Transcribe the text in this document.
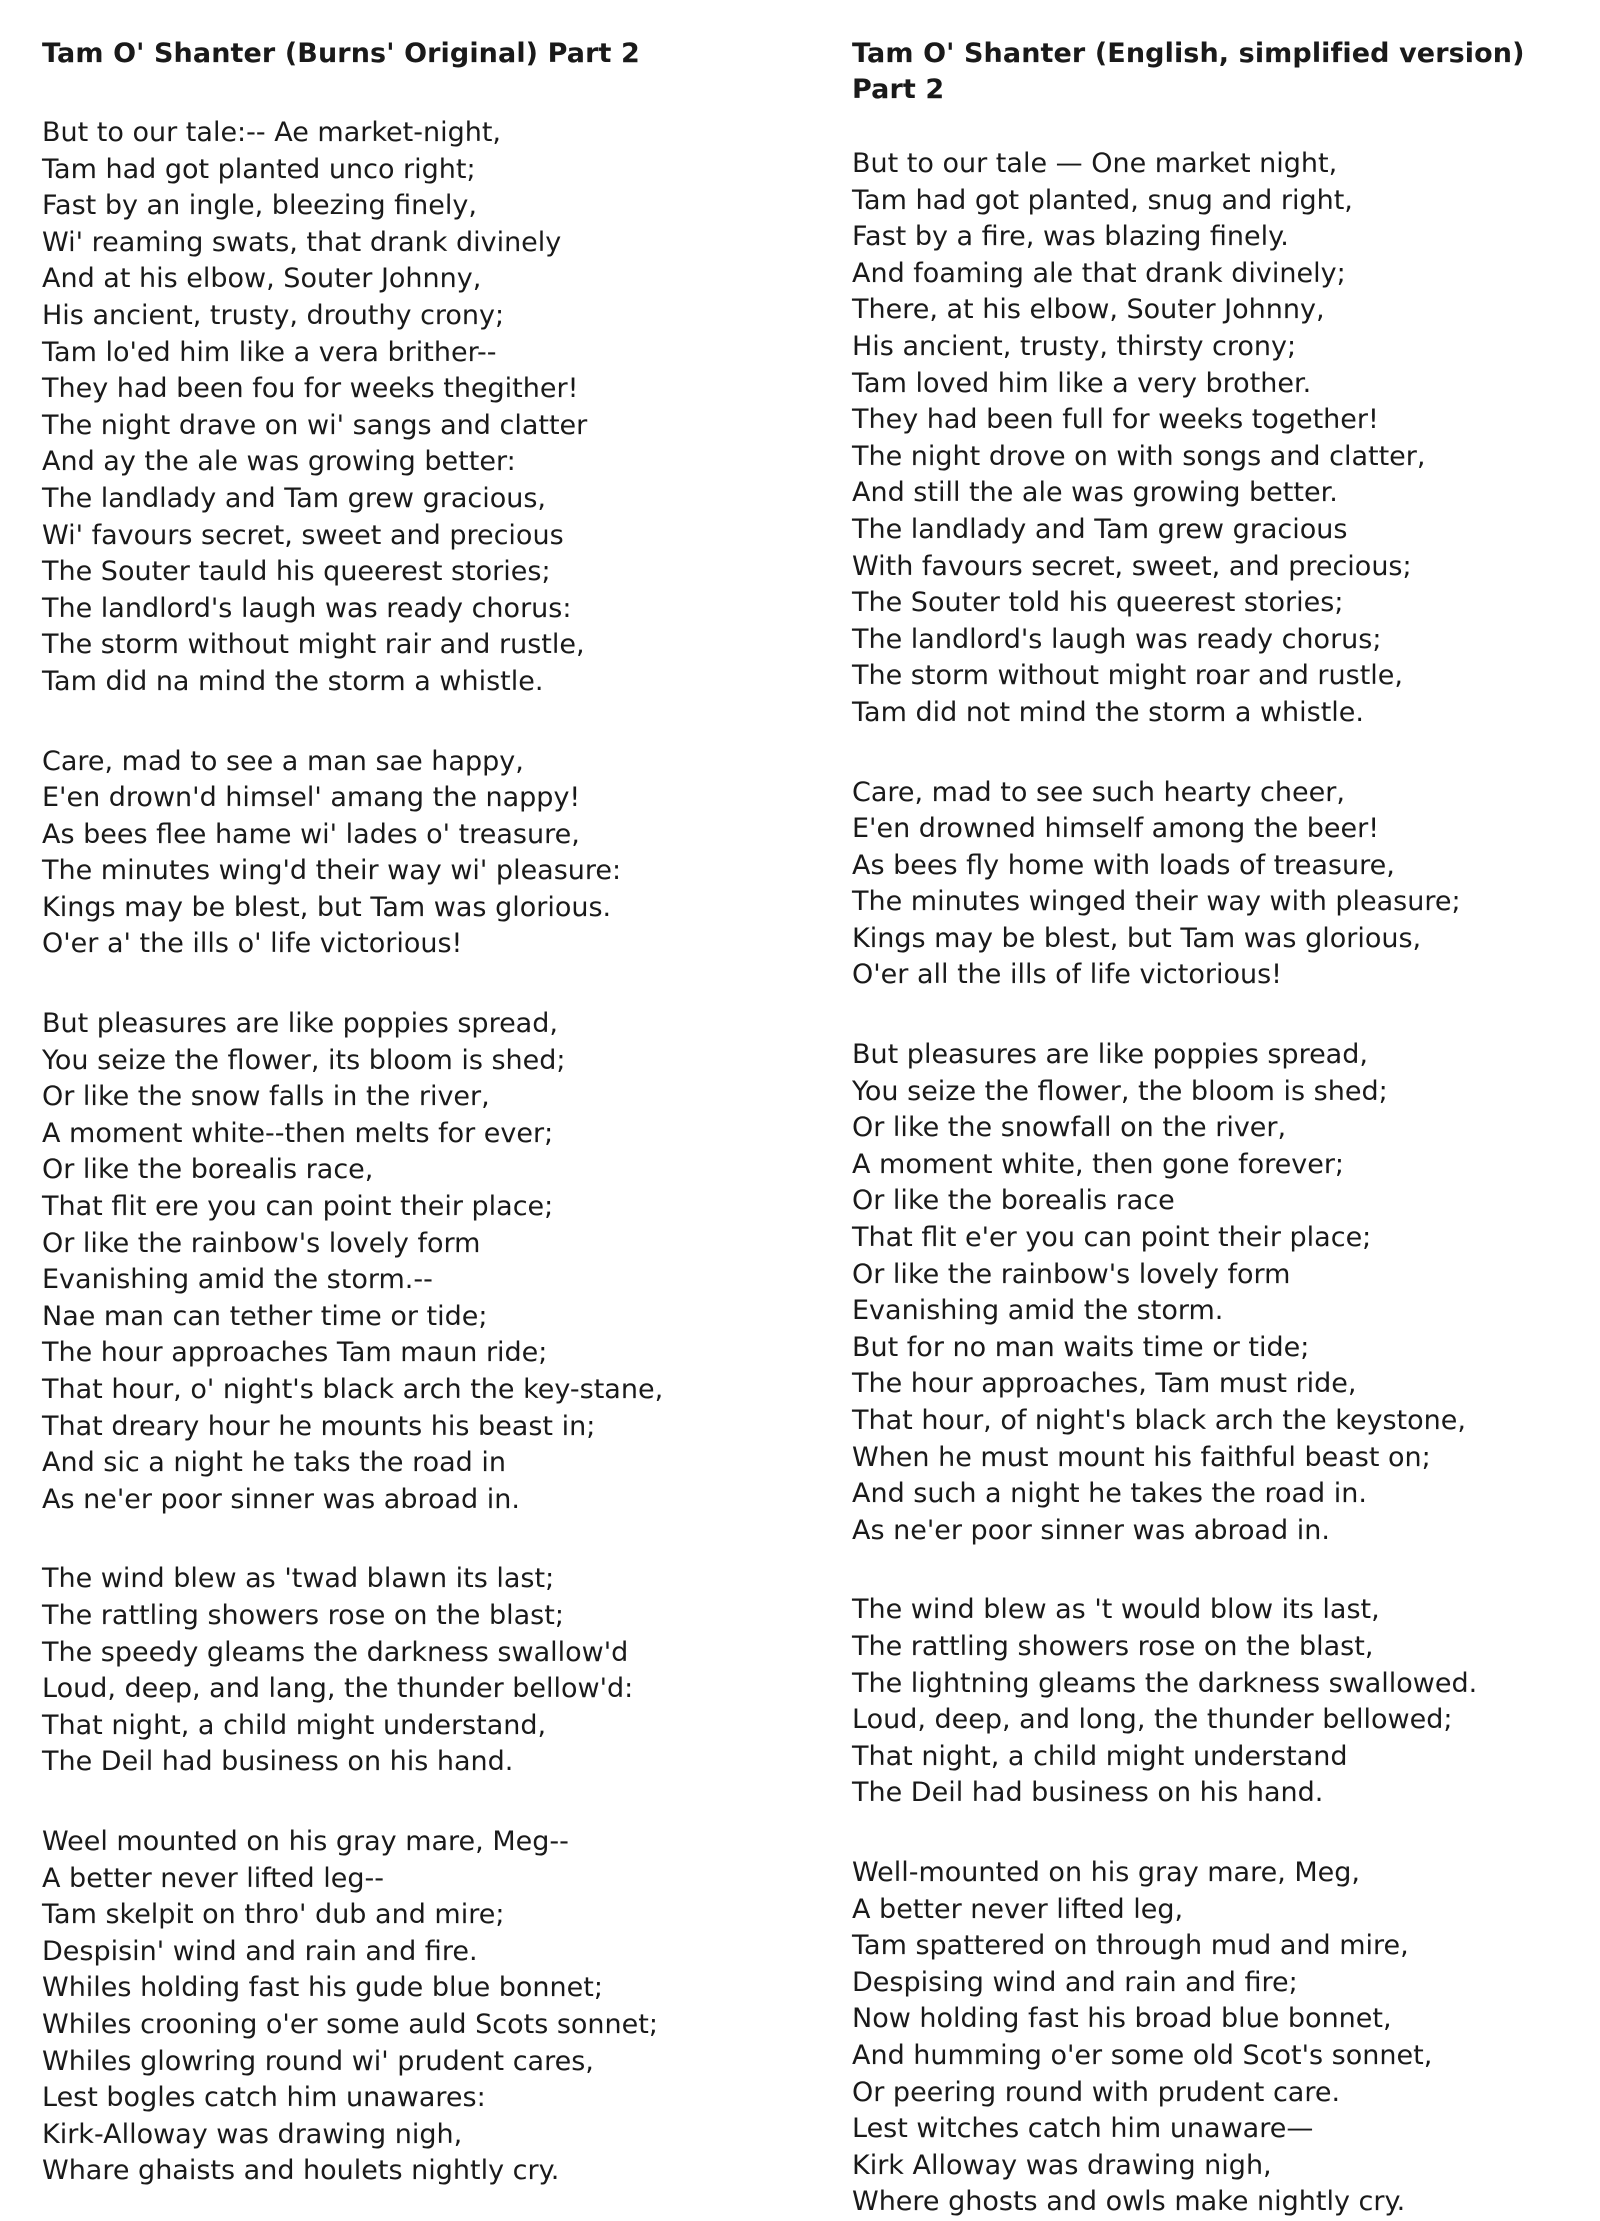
Tam O' Shanter (Burns' Original) Part 2

But to our tale:-- Ae market-night,

Tam had got planted unco right;

Fast by an ingle, bleezing finely,

Wi' reaming swats, that drank divinely

And at his elbow, Souter Johnny,

His ancient, trusty, drouthy crony;

Tam lo'ed him like a vera brither--

They had been fou for weeks thegither!

The night drave on wi' sangs and clatter

And ay the ale was growing better:

The landlady and Tam grew gracious,

Wi' favours secret, sweet and precious

The Souter tauld his queerest stories;

The landlord's laugh was ready chorus:

The storm without might rair and rustle,

Tam did na mind the storm a whistle.

Care, mad to see a man sae happy,

E'en drown'd himsel' amang the nappy!

As bees flee hame wi' lades o' treasure,

The minutes wing'd their way wi' pleasure:

Kings may be blest, but Tam was glorious.

O'er a' the ills o' life victorious!

But pleasures are like poppies spread,

You seize the flower, its bloom is shed;

Or like the snow falls in the river,

A moment white--then melts for ever;

Or like the borealis race,

That flit ere you can point their place;

Or like the rainbow's lovely form

Evanishing amid the storm.--

Nae man can tether time or tide;

The hour approaches Tam maun ride;

That hour, o' night's black arch the key-stane,

That dreary hour he mounts his beast in;

And sic a night he taks the road in

As ne'er poor sinner was abroad in.

The wind blew as 'twad blawn its last;

The rattling showers rose on the blast;

The speedy gleams the darkness swallow'd

Loud, deep, and lang, the thunder bellow'd:

That night, a child might understand,

The Deil had business on his hand.

Weel mounted on his gray mare, Meg--

A better never lifted leg--

Tam skelpit on thro' dub and mire;

Despisin' wind and rain and fire.

Whiles holding fast his gude blue bonnet;

Whiles crooning o'er some auld Scots sonnet;

Whiles glowring round wi' prudent cares,

Lest bogles catch him unawares:

Kirk-Alloway was drawing nigh,

Whare ghaists and houlets nightly cry.

Tam O' Shanter (English, simplified version) Part 2

But to our tale — One market night,

Tam had got planted, snug and right,

Fast by a fire, was blazing finely.

And foaming ale that drank divinely;

There, at his elbow, Souter Johnny,

His ancient, trusty, thirsty crony;

Tam loved him like a very brother.

They had been full for weeks together!

The night drove on with songs and clatter,

And still the ale was growing better.

The landlady and Tam grew gracious

With favours secret, sweet, and precious;

The Souter told his queerest stories;

The landlord's laugh was ready chorus;

The storm without might roar and rustle,

Tam did not mind the storm a whistle.

Care, mad to see such hearty cheer,

E'en drowned himself among the beer!

As bees fly home with loads of treasure,

The minutes winged their way with pleasure;

Kings may be blest, but Tam was glorious,

O'er all the ills of life victorious!

But pleasures are like poppies spread,

You seize the flower, the bloom is shed;

Or like the snowfall on the river,

A moment white, then gone forever;

Or like the borealis race

That flit e'er you can point their place;

Or like the rainbow's lovely form

Evanishing amid the storm.

But for no man waits time or tide;

The hour approaches, Tam must ride,

That hour, of night's black arch the keystone,

When he must mount his faithful beast on;

And such a night he takes the road in.

As ne'er poor sinner was abroad in.

The wind blew as 't would blow its last,

The rattling showers rose on the blast,

The lightning gleams the darkness swallowed.

Loud, deep, and long, the thunder bellowed;

That night, a child might understand

The Deil had business on his hand.

Well-mounted on his gray mare, Meg,

A better never lifted leg,

Tam spattered on through mud and mire,

Despising wind and rain and fire;

Now holding fast his broad blue bonnet,

And humming o'er some old Scot's sonnet,

Or peering round with prudent care.

Lest witches catch him unaware—

Kirk Alloway was drawing nigh,

Where ghosts and owls make nightly cry.
